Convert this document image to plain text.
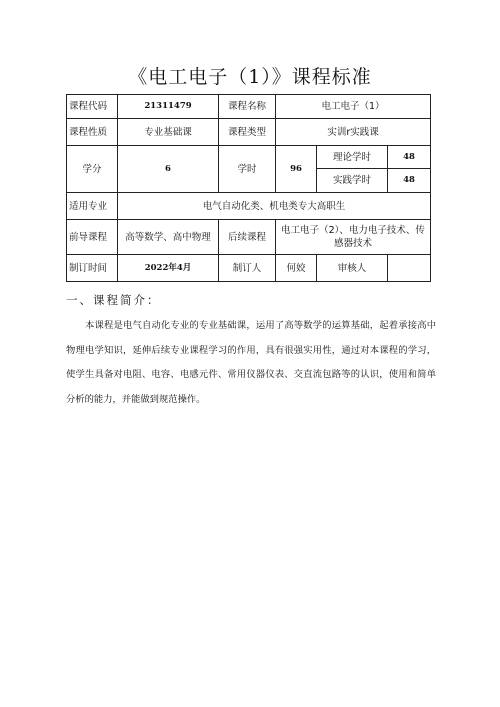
《电工电子（1）》课程标准
课程代码	21311479	课程名称	电工电子（1）		
课程性质	专业基础课	课程类型	实训r实践课		
学分	6	学时	96	理论学时	48
				实践学时	48
适用专业	电气自动化类、机电类专大高职生				
前导课程	高等数学、高中物理	后续课程	电工电子（2）、电力电子技术、传感器技术		
制订时间	2022年4月	制订人	何姣	审核人	
一、课程简介：
本课程是电气自动化专业的专业基础课，运用了高等数学的运算基础，起着承接高中物理电学知识，延伸后续专业课程学习的作用，具有很强实用性，通过对本课程的学习，使学生具备对电阻、电容、电感元件、常用仪器仪表、交直流包路等的认识，使用和简单分析的能力，并能做到规范操作。
